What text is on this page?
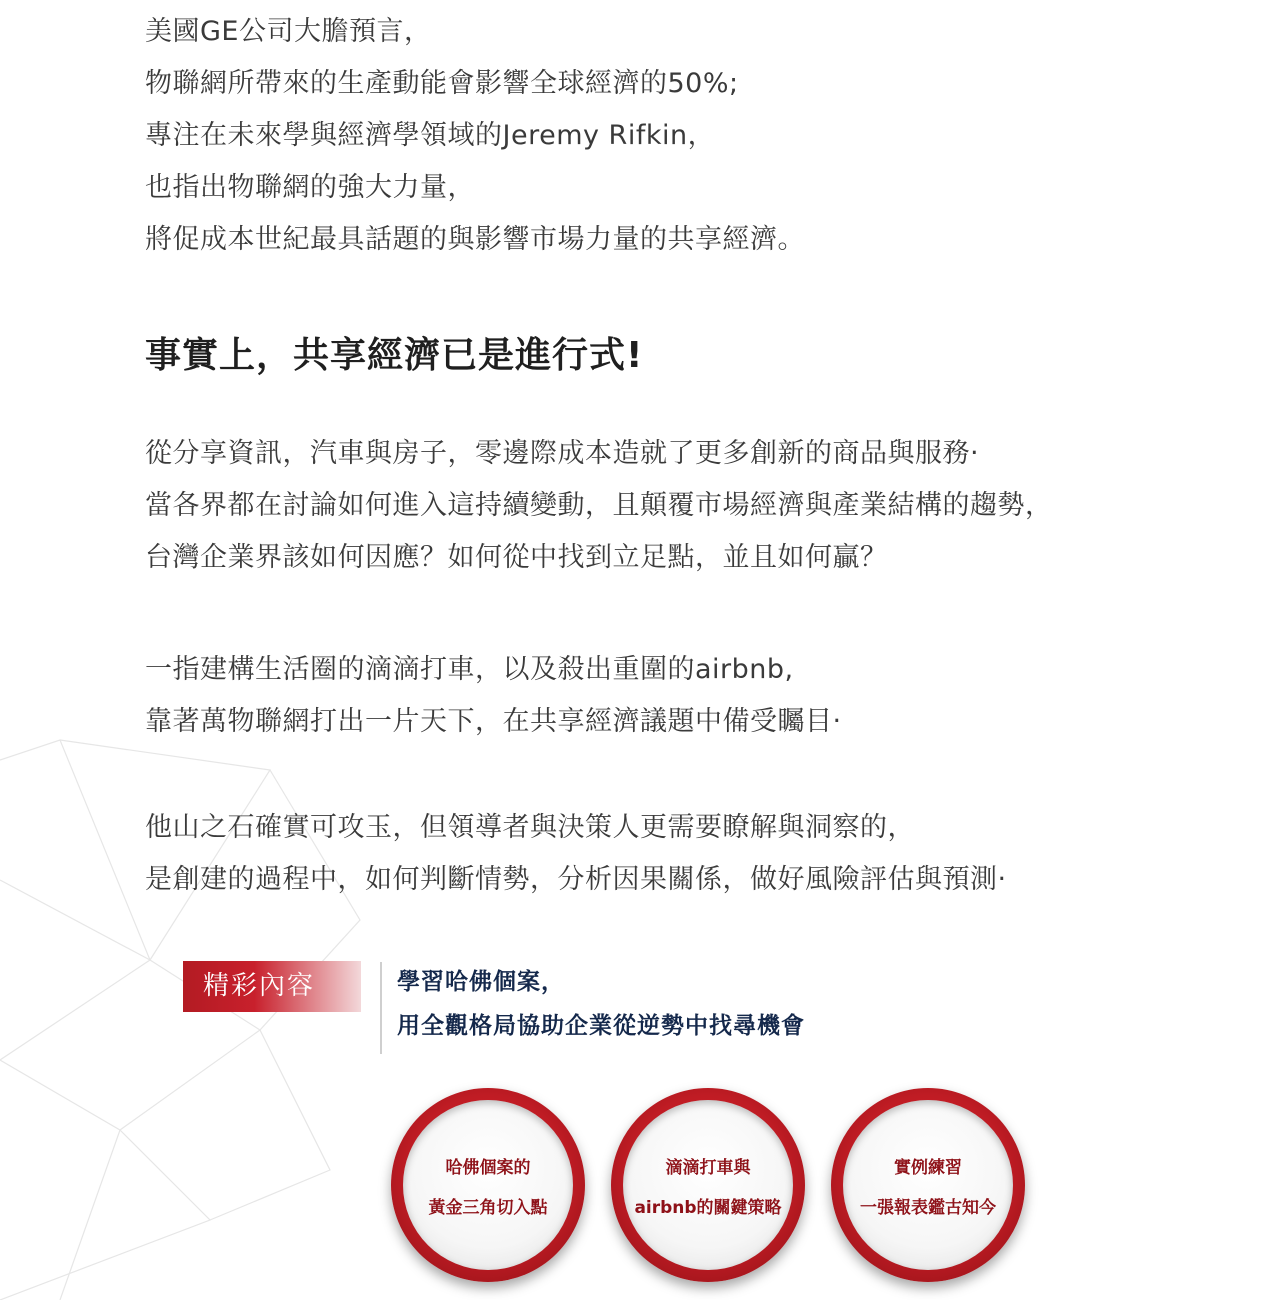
美國GE公司大膽預言，
物聯網所帶來的生產動能會影響全球經濟的50%;
專注在未來學與經濟學領域的Jeremy Rifkin，
也指出物聯網的強大力量，
將促成本世紀最具話題的與影響市場力量的共享經濟。

事實上，共享經濟已是進行式!

從分享資訊，汽車與房子，零邊際成本造就了更多創新的商品與服務‧
當各界都在討論如何進入這持續變動，且顛覆市場經濟與產業結構的趨勢，
台灣企業界該如何因應？如何從中找到立足點，並且如何贏？

一指建構生活圈的滴滴打車，以及殺出重圍的airbnb,
靠著萬物聯網打出一片天下，在共享經濟議題中備受矚目‧

他山之石確實可攻玉，但領導者與決策人更需要瞭解與洞察的，
是創建的過程中，如何判斷情勢，分析因果關係，做好風險評估與預測‧

精彩內容	學習哈佛個案，
用全觀格局協助企業從逆勢中找尋機會
哈佛個案的
黃金三角切入點
滴滴打車與
airbnb的關鍵策略
實例練習
一張報表鑑古知今
